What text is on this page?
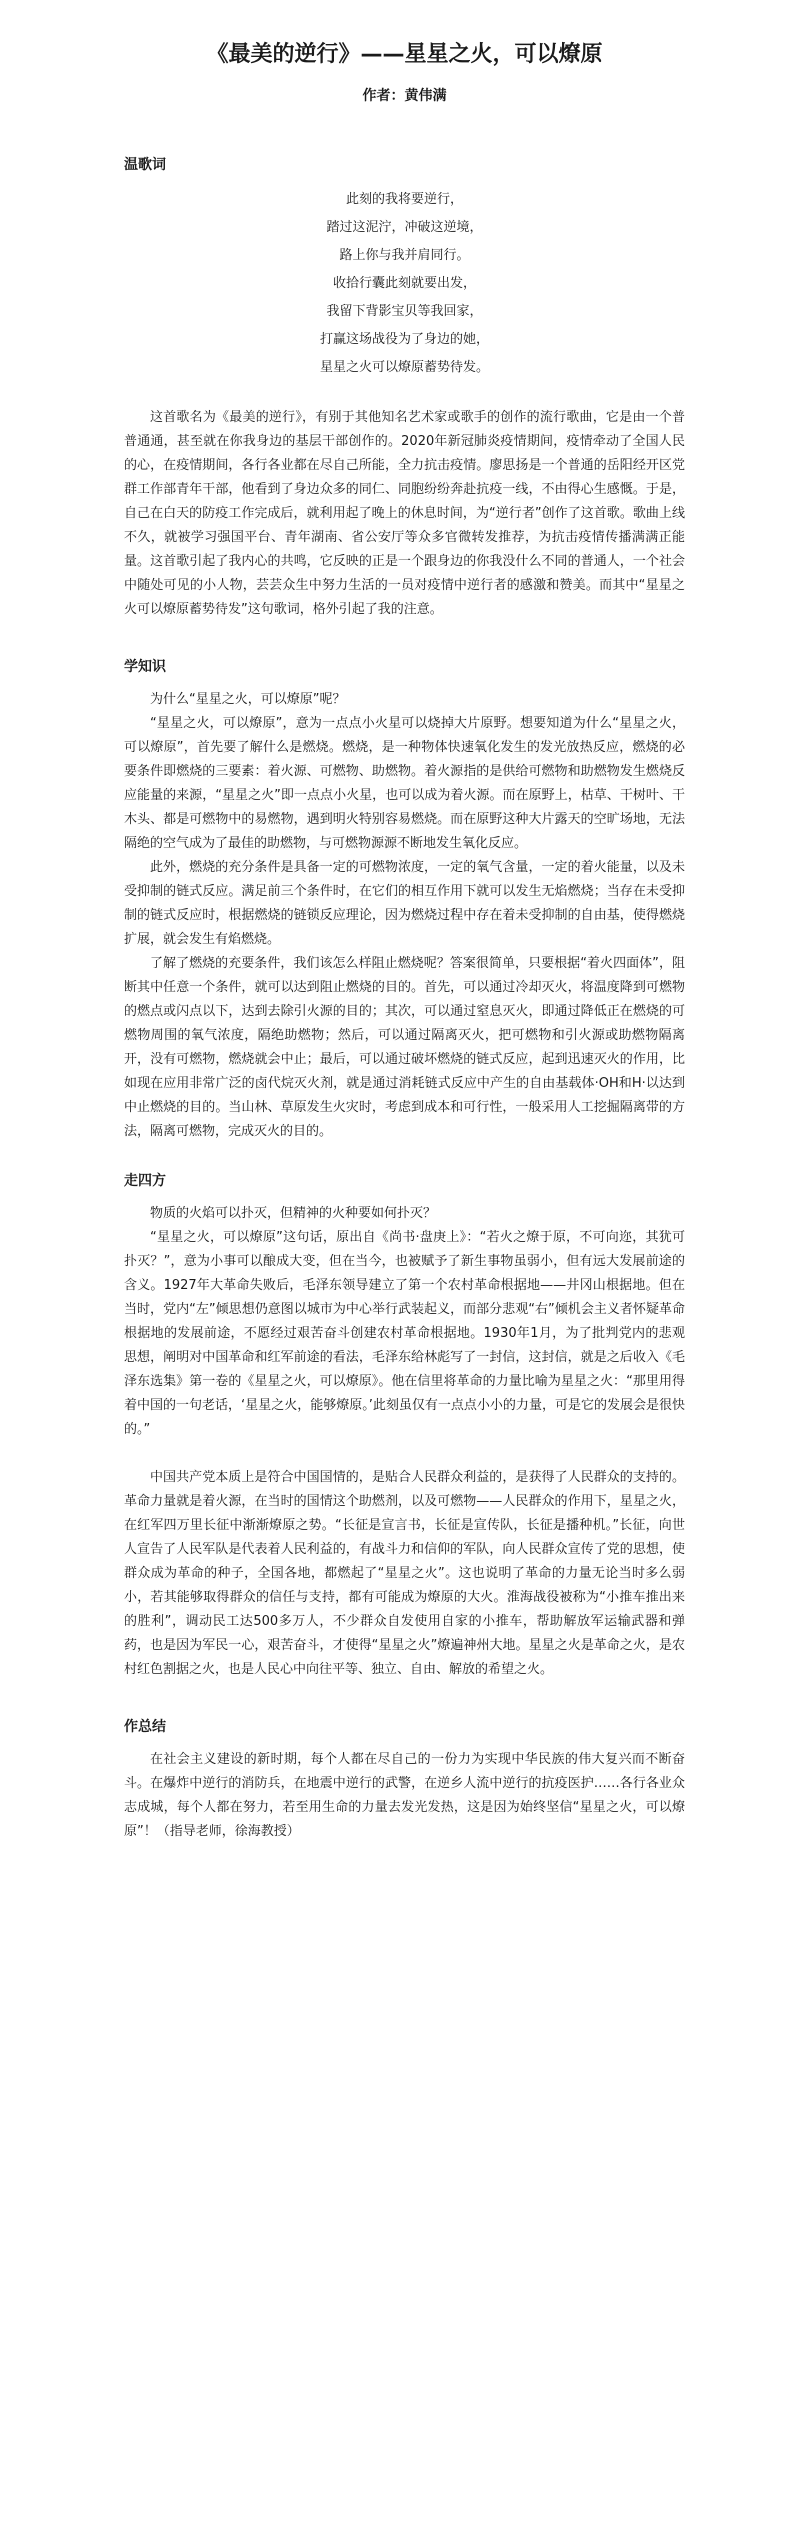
《最美的逆行》——星星之火，可以燎原
作者：黄伟满
温歌词
此刻的我将要逆行，
踏过这泥泞，冲破这逆境，
路上你与我并肩同行。
收拾行囊此刻就要出发，
我留下背影宝贝等我回家，
打赢这场战役为了身边的她，
星星之火可以燎原蓄势待发。

这首歌名为《最美的逆行》，有别于其他知名艺术家或歌手的创作的流行歌曲，它是由一个普普通通，甚至就在你我身边的基层干部创作的。2020年新冠肺炎疫情期间，疫情牵动了全国人民的心，在疫情期间，各行各业都在尽自己所能，全力抗击疫情。廖思扬是一个普通的岳阳经开区党群工作部青年干部，他看到了身边众多的同仁、同胞纷纷奔赴抗疫一线，不由得心生感慨。于是，自己在白天的防疫工作完成后，就利用起了晚上的休息时间，为“逆行者”创作了这首歌。歌曲上线不久，就被学习强国平台、青年湖南、省公安厅等众多官微转发推荐，为抗击疫情传播满满正能量。这首歌引起了我内心的共鸣，它反映的正是一个跟身边的你我没什么不同的普通人，一个社会中随处可见的小人物，芸芸众生中努力生活的一员对疫情中逆行者的感激和赞美。而其中“星星之火可以燎原蓄势待发”这句歌词，格外引起了我的注意。

学知识

为什么“星星之火，可以燎原”呢？

“星星之火，可以燎原”，意为一点点小火星可以烧掉大片原野。想要知道为什么“星星之火，可以燎原”，首先要了解什么是燃烧。燃烧，是一种物体快速氧化发生的发光放热反应，燃烧的必要条件即燃烧的三要素：着火源、可燃物、助燃物。着火源指的是供给可燃物和助燃物发生燃烧反应能量的来源，“星星之火”即一点点小火星，也可以成为着火源。而在原野上，枯草、干树叶、干木头、都是可燃物中的易燃物，遇到明火特别容易燃烧。而在原野这种大片露天的空旷场地，无法隔绝的空气成为了最佳的助燃物，与可燃物源源不断地发生氧化反应。

此外，燃烧的充分条件是具备一定的可燃物浓度，一定的氧气含量，一定的着火能量，以及未受抑制的链式反应。满足前三个条件时，在它们的相互作用下就可以发生无焰燃烧；当存在未受抑制的链式反应时，根据燃烧的链锁反应理论，因为燃烧过程中存在着未受抑制的自由基，使得燃烧扩展，就会发生有焰燃烧。

了解了燃烧的充要条件，我们该怎么样阻止燃烧呢？答案很简单，只要根据“着火四面体”，阻断其中任意一个条件，就可以达到阻止燃烧的目的。首先，可以通过冷却灭火，将温度降到可燃物的燃点或闪点以下，达到去除引火源的目的；其次，可以通过窒息灭火，即通过降低正在燃烧的可燃物周围的氧气浓度，隔绝助燃物；然后，可以通过隔离灭火，把可燃物和引火源或助燃物隔离开，没有可燃物，燃烧就会中止；最后，可以通过破坏燃烧的链式反应，起到迅速灭火的作用，比如现在应用非常广泛的卤代烷灭火剂，就是通过消耗链式反应中产生的自由基载体·OH和H·以达到中止燃烧的目的。当山林、草原发生火灾时，考虑到成本和可行性，一般采用人工挖掘隔离带的方法，隔离可燃物，完成灭火的目的。

走四方

物质的火焰可以扑灭，但精神的火种要如何扑灭？

“星星之火，可以燎原”这句话，原出自《尚书·盘庚上》：“若火之燎于原，不可向迩，其犹可扑灭？”，意为小事可以酿成大变，但在当今，也被赋予了新生事物虽弱小，但有远大发展前途的含义。1927年大革命失败后，毛泽东领导建立了第一个农村革命根据地——井冈山根据地。但在当时，党内“左”倾思想仍意图以城市为中心举行武装起义，而部分悲观“右”倾机会主义者怀疑革命根据地的发展前途，不愿经过艰苦奋斗创建农村革命根据地。1930年1月，为了批判党内的悲观思想，阐明对中国革命和红军前途的看法，毛泽东给林彪写了一封信，这封信，就是之后收入《毛泽东选集》第一卷的《星星之火，可以燎原》。他在信里将革命的力量比喻为星星之火：“那里用得着中国的一句老话，‘星星之火，能够燎原。’此刻虽仅有一点点小小的力量，可是它的发展会是很快的。”

中国共产党本质上是符合中国国情的，是贴合人民群众利益的，是获得了人民群众的支持的。革命力量就是着火源，在当时的国情这个助燃剂，以及可燃物——人民群众的作用下，星星之火，在红军四万里长征中渐渐燎原之势。“长征是宣言书，长征是宣传队，长征是播种机。”长征，向世人宣告了人民军队是代表着人民利益的，有战斗力和信仰的军队，向人民群众宣传了党的思想，使群众成为革命的种子，全国各地，都燃起了“星星之火”。这也说明了革命的力量无论当时多么弱小，若其能够取得群众的信任与支持，都有可能成为燎原的大火。淮海战役被称为“小推车推出来的胜利”，调动民工达500多万人，不少群众自发使用自家的小推车，帮助解放军运输武器和弹药，也是因为军民一心，艰苦奋斗，才使得“星星之火”燎遍神州大地。星星之火是革命之火，是农村红色割据之火，也是人民心中向往平等、独立、自由、解放的希望之火。

作总结

在社会主义建设的新时期，每个人都在尽自己的一份力为实现中华民族的伟大复兴而不断奋斗。在爆炸中逆行的消防兵，在地震中逆行的武警，在逆乡人流中逆行的抗疫医护……各行各业众志成城，每个人都在努力，若至用生命的力量去发光发热，这是因为始终坚信“星星之火，可以燎原”！（指导老师，徐海教授）
